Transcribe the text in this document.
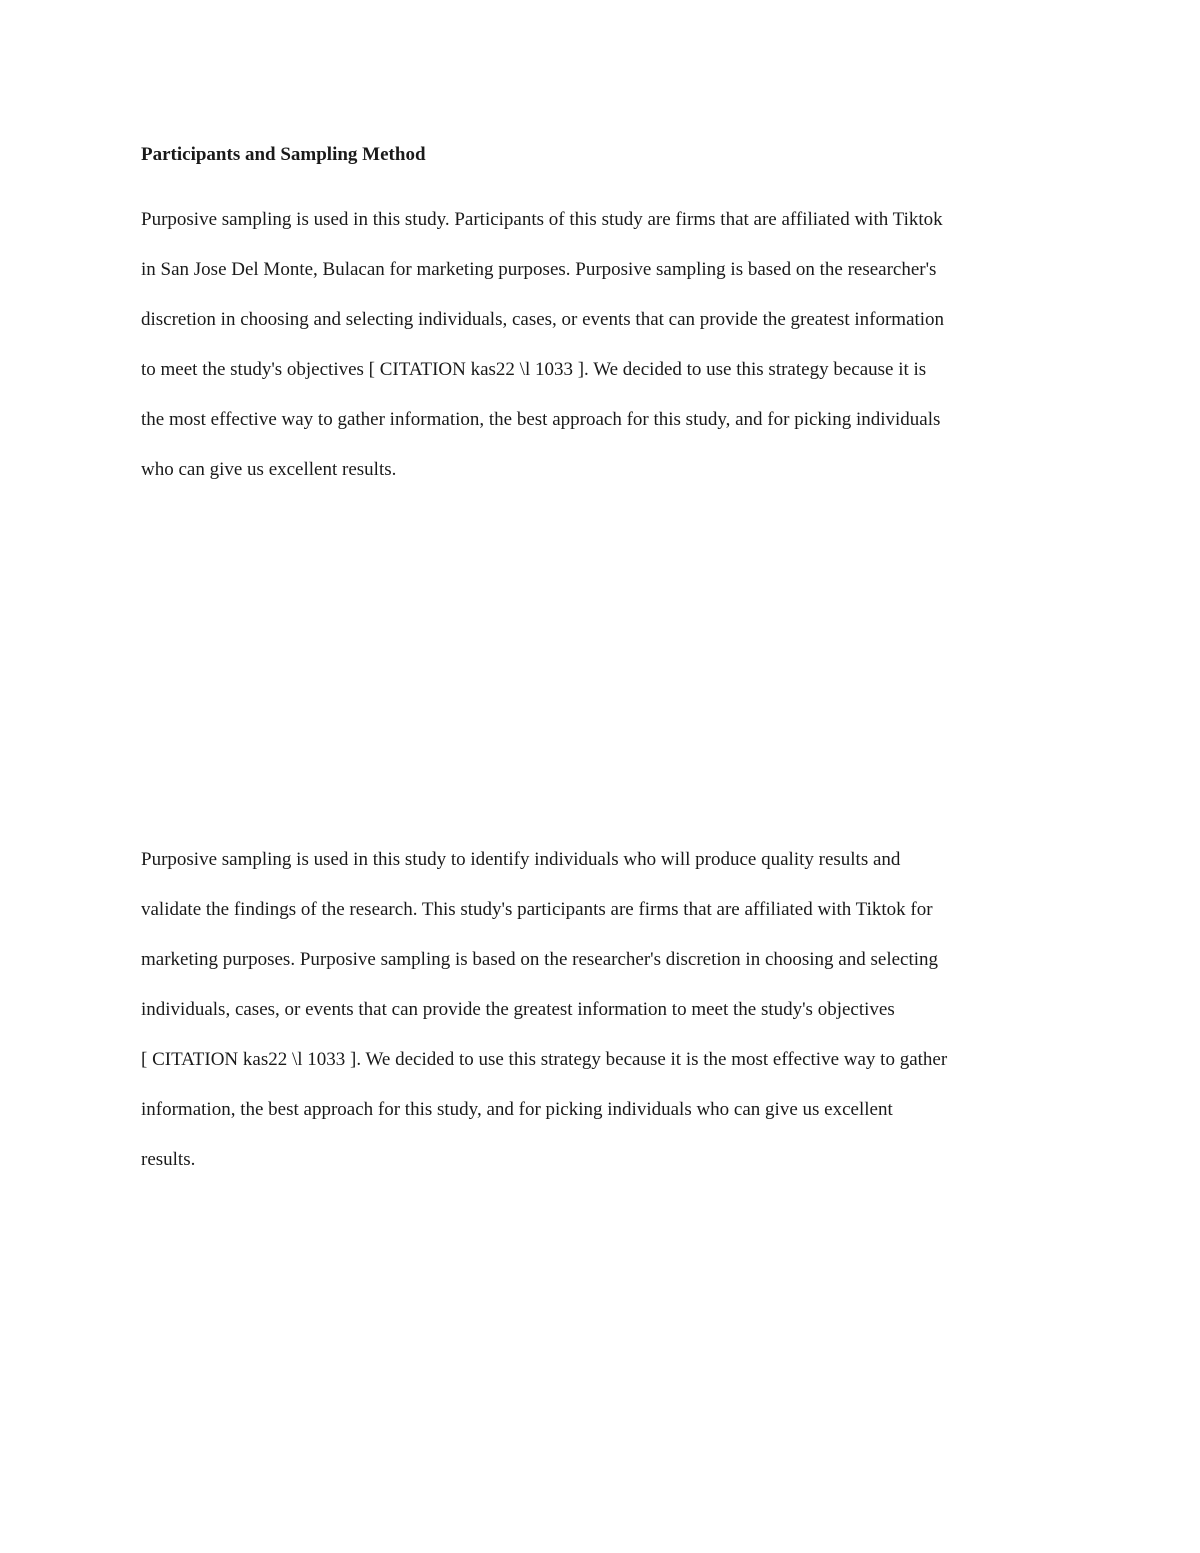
Participants and Sampling Method

Purposive sampling is used in this study. Participants of this study are firms that are affiliated with Tiktok
in San Jose Del Monte, Bulacan for marketing purposes. Purposive sampling is based on the researcher's
discretion in choosing and selecting individuals, cases, or events that can provide the greatest information
to meet the study's objectives [ CITATION kas22 \l 1033 ]. We decided to use this strategy because it is
the most effective way to gather information, the best approach for this study, and for picking individuals
who can give us excellent results.

Purposive sampling is used in this study to identify individuals who will produce quality results and
validate the findings of the research. This study's participants are firms that are affiliated with Tiktok for
marketing purposes. Purposive sampling is based on the researcher's discretion in choosing and selecting
individuals, cases, or events that can provide the greatest information to meet the study's objectives
[ CITATION kas22 \l 1033 ]. We decided to use this strategy because it is the most effective way to gather
information, the best approach for this study, and for picking individuals who can give us excellent
results.
